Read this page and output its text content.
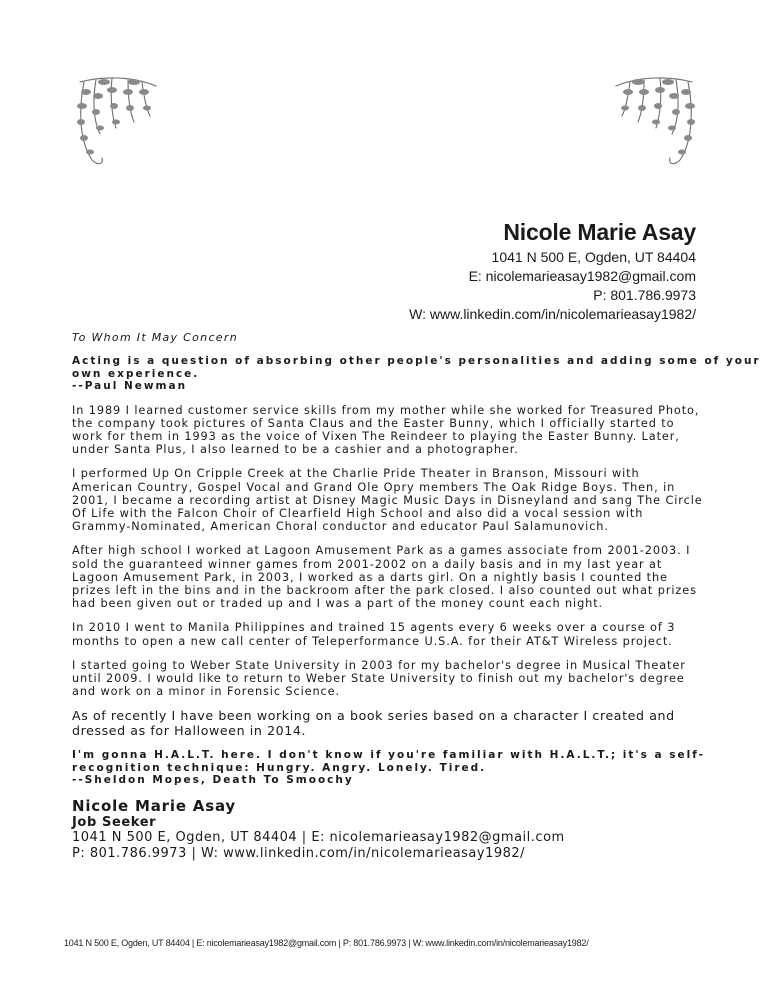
Nicole Marie Asay
1041 N 500 E, Ogden, UT 84404
E: nicolemarieasay1982@gmail.com
P: 801.786.9973
W: www.linkedin.com/in/nicolemarieasay1982/

To Whom It May Concern

Acting is a question of absorbing other people's personalities and adding some of your
own experience.
--Paul Newman
In 1989 I learned customer service skills from my mother while she worked for Treasured Photo,
the company took pictures of Santa Claus and the Easter Bunny, which I officially started to
work for them in 1993 as the voice of Vixen The Reindeer to playing the Easter Bunny. Later,
under Santa Plus, I also learned to be a cashier and a photographer.
I performed Up On Cripple Creek at the Charlie Pride Theater in Branson, Missouri with
American Country, Gospel Vocal and Grand Ole Opry members The Oak Ridge Boys. Then, in
2001, I became a recording artist at Disney Magic Music Days in Disneyland and sang The Circle
Of Life with the Falcon Choir of Clearfield High School and also did a vocal session with
Grammy-Nominated, American Choral conductor and educator Paul Salamunovich.
After high school I worked at Lagoon Amusement Park as a games associate from 2001-2003. I
sold the guaranteed winner games from 2001-2002 on a daily basis and in my last year at
Lagoon Amusement Park, in 2003, I worked as a darts girl. On a nightly basis I counted the
prizes left in the bins and in the backroom after the park closed. I also counted out what prizes
had been given out or traded up and I was a part of the money count each night.
In 2010 I went to Manila Philippines and trained 15 agents every 6 weeks over a course of 3
months to open a new call center of Teleperformance U.S.A. for their AT&T Wireless project.
I started going to Weber State University in 2003 for my bachelor's degree in Musical Theater
until 2009. I would like to return to Weber State University to finish out my bachelor's degree
and work on a minor in Forensic Science.
As of recently I have been working on a book series based on a character I created and
dressed as for Halloween in 2014.
I'm gonna H.A.L.T. here. I don't know if you're familiar with H.A.L.T.; it's a self-
recognition technique: Hungry. Angry. Lonely. Tired.
--Sheldon Mopes, Death To Smoochy
Nicole Marie Asay
Job Seeker
1041 N 500 E, Ogden, UT 84404 | E: nicolemarieasay1982@gmail.com
P: 801.786.9973 | W: www.linkedin.com/in/nicolemarieasay1982/
1041 N 500 E, Ogden, UT 84404 | E: nicolemarieasay1982@gmail.com | P: 801.786.9973 | W: www.linkedin.com/in/nicolemarieasay1982/
